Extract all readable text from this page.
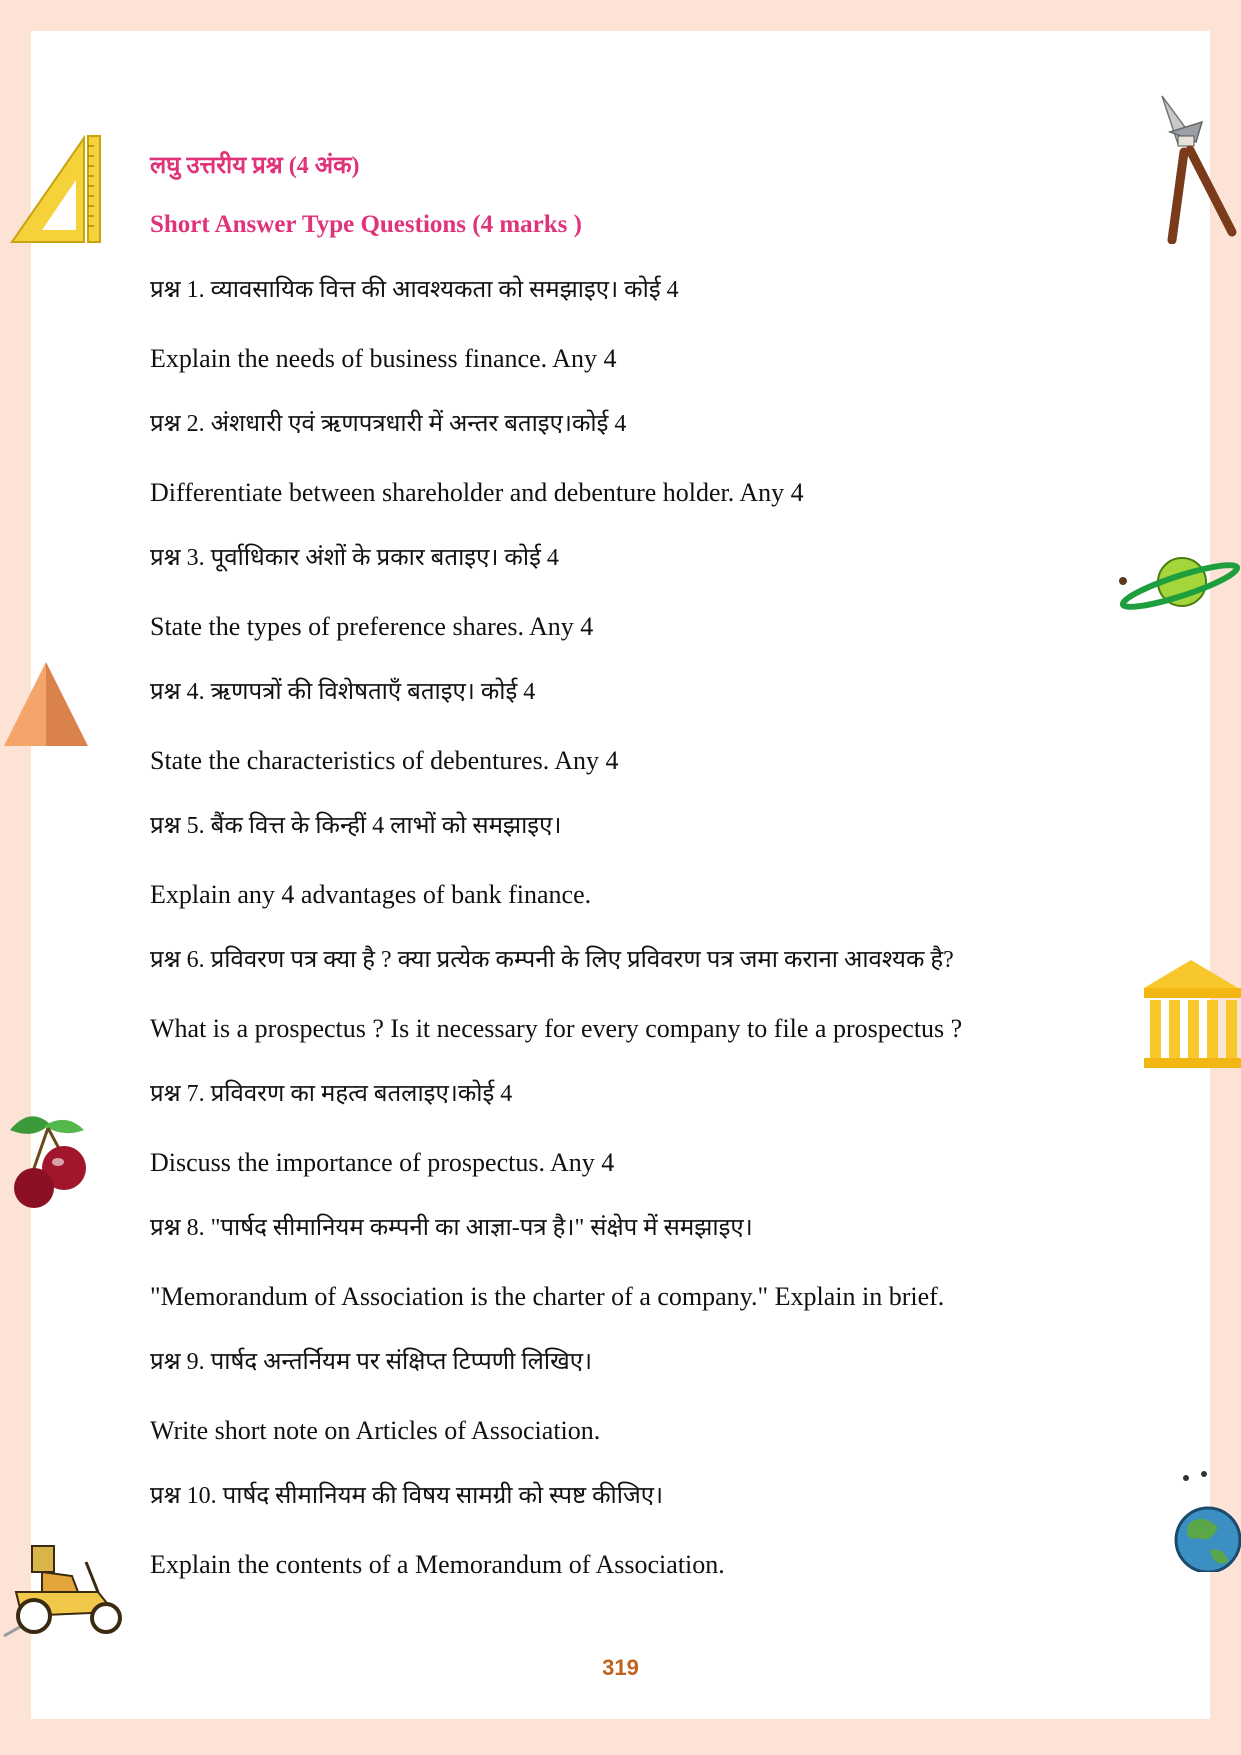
लघु उत्तरीय प्रश्न (4 अंक)
Short Answer Type Questions (4 marks )
प्रश्न 1. व्यावसायिक वित्त की आवश्यकता को समझाइए। कोई 4
Explain the needs of business finance. Any 4
प्रश्न 2. अंशधारी एवं ऋणपत्रधारी में अन्तर बताइए।कोई 4
Differentiate between shareholder and debenture holder. Any 4
प्रश्न 3. पूर्वाधिकार अंशों के प्रकार बताइए। कोई 4
State the types of preference shares. Any 4
प्रश्न 4. ऋणपत्रों की विशेषताएँ बताइए। कोई 4
State the characteristics of debentures. Any 4
प्रश्न 5. बैंक वित्त के किन्हीं 4 लाभों को समझाइए।
Explain any 4 advantages of bank finance.
प्रश्न 6. प्रविवरण पत्र क्या है ? क्या प्रत्येक कम्पनी के लिए प्रविवरण पत्र जमा कराना आवश्यक है?
What is a prospectus ? Is it necessary for every company to file a prospectus ?
प्रश्न 7. प्रविवरण का महत्व बतलाइए।कोई 4
Discuss the importance of prospectus. Any 4
प्रश्न 8. "पार्षद सीमानियम कम्पनी का आज्ञा-पत्र है।" संक्षेप में समझाइए।
"Memorandum of Association is the charter of a company." Explain in brief.
प्रश्न 9. पार्षद अन्तर्नियम पर संक्षिप्त टिप्पणी लिखिए।
Write short note on Articles of Association.
प्रश्न 10. पार्षद सीमानियम की विषय सामग्री को स्पष्ट कीजिए।
Explain the contents of a Memorandum of Association.
319
